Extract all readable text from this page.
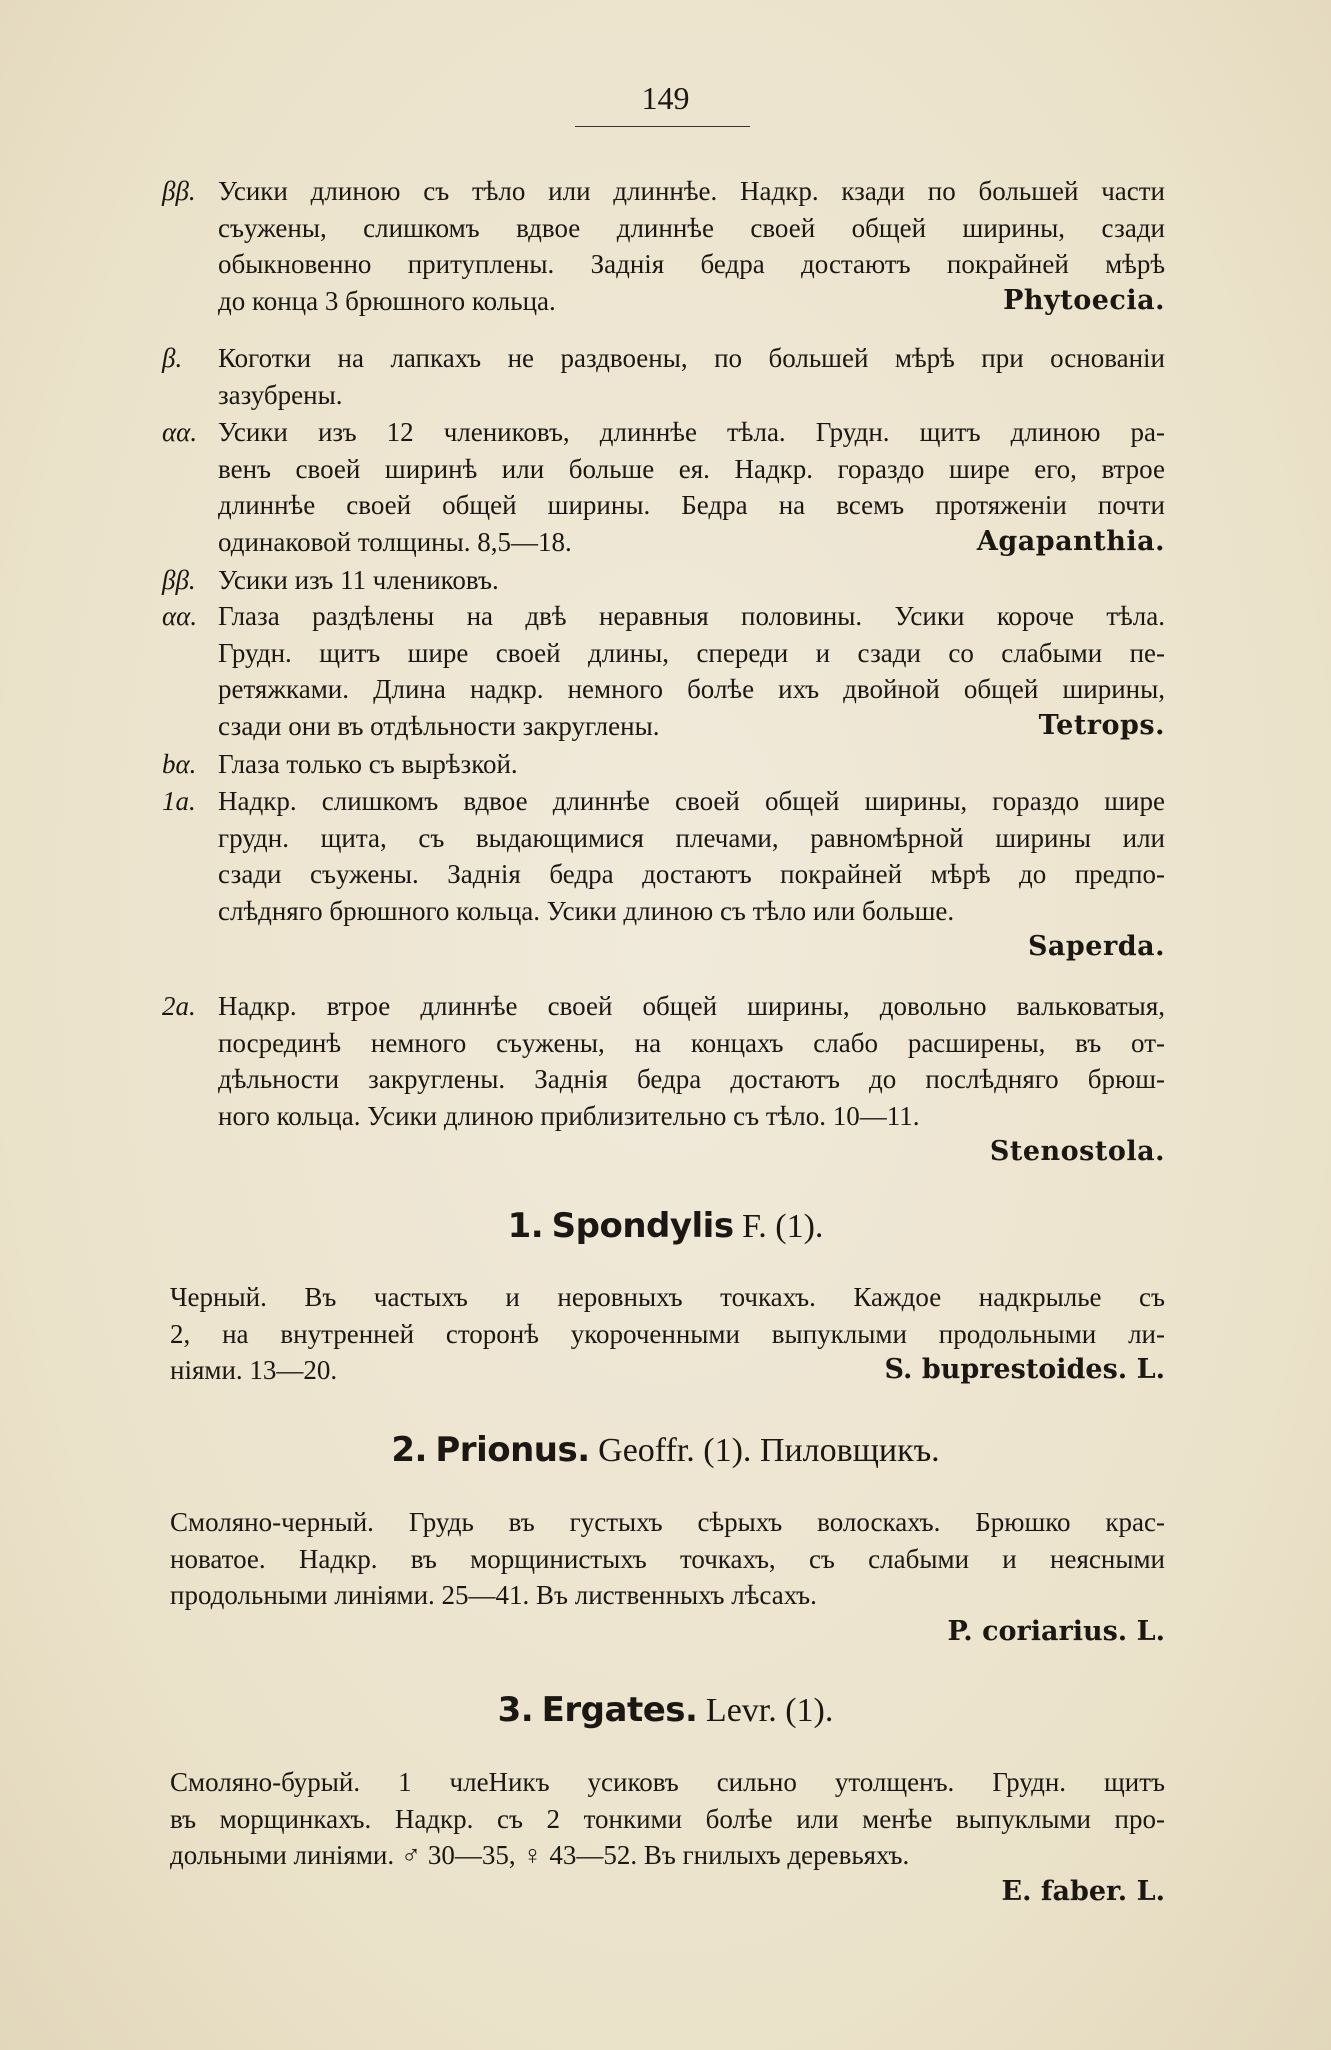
149
ββ. Усики длиною съ тѣло или длиннѣе. Надкр. кзади по большей части
съужены, слишкомъ вдвое длиннѣе своей общей ширины, сзади
обыкновенно притуплены. Заднія бедра достаютъ покрайней мѣрѣ
до конца 3 брюшного кольца.	Phytoecia.
β.	Коготки на лапкахъ не раздвоены, по большей мѣрѣ при основаніи
зазубрены.
αα. Усики изъ 12 члениковъ, длиннѣе тѣла. Грудн. щитъ длиною ра-
венъ своей ширинѣ или больше ея. Надкр. гораздо шире его, втрое
длиннѣе своей общей ширины. Бедра на всемъ протяженіи почти
одинаковой толщины. 8,5—18.	Agapanthia.
ββ. Усики изъ 11 члениковъ.
αα. Глаза раздѣлены на двѣ неравныя половины. Усики короче тѣла.
Грудн. щитъ шире своей длины, спереди и сзади со слабыми пе-
ретяжками. Длина надкр. немного болѣе ихъ двойной общей ширины,
сзади они въ отдѣльности закруглены.	Tetrops.
bα. Глаза только съ вырѣзкой.
1a. Надкр. слишкомъ вдвое длиннѣе своей общей ширины, гораздо шире
грудн. щита, съ выдающимися плечами, равномѣрной ширины или
сзади съужены. Заднія бедра достаютъ покрайней мѣрѣ до предпо-
слѣдняго брюшного кольца. Усики длиною съ тѣло или больше.
Saperda.
2a. Надкр. втрое длиннѣе своей общей ширины, довольно вальковатыя,
посрединѣ немного съужены, на концахъ слабо расширены, въ от-
дѣльности закруглены. Заднія бедра достаютъ до послѣдняго брюш-
ного кольца. Усики длиною приблизительно съ тѣло. 10—11.
Stenostola.
1. Spondylis F. (1).
Черный. Въ частыхъ и неровныхъ точкахъ. Каждое надкрылье съ
2, на внутренней сторонѣ укороченными выпуклыми продольными ли-
ніями. 13—20.	S. buprestoides. L.
2. Prionus. Geoffr. (1). Пиловщикъ.
Смоляно-черный. Грудь въ густыхъ сѣрыхъ волоскахъ. Брюшко крас-
новатое. Надкр. въ морщинистыхъ точкахъ, съ слабыми и неясными
продольными линіями. 25—41. Въ лиственныхъ лѣсахъ.
P. coriarius. L.
3. Ergates. Levr. (1).
Смоляно-бурый. 1 члеНикъ усиковъ сильно утолщенъ. Грудн. щитъ
въ морщинкахъ. Надкр. съ 2 тонкими болѣе или менѣе выпуклыми про-
дольными линіями. ♂ 30—35, ♀ 43—52. Въ гнилыхъ деревьяхъ.
E. faber. L.
